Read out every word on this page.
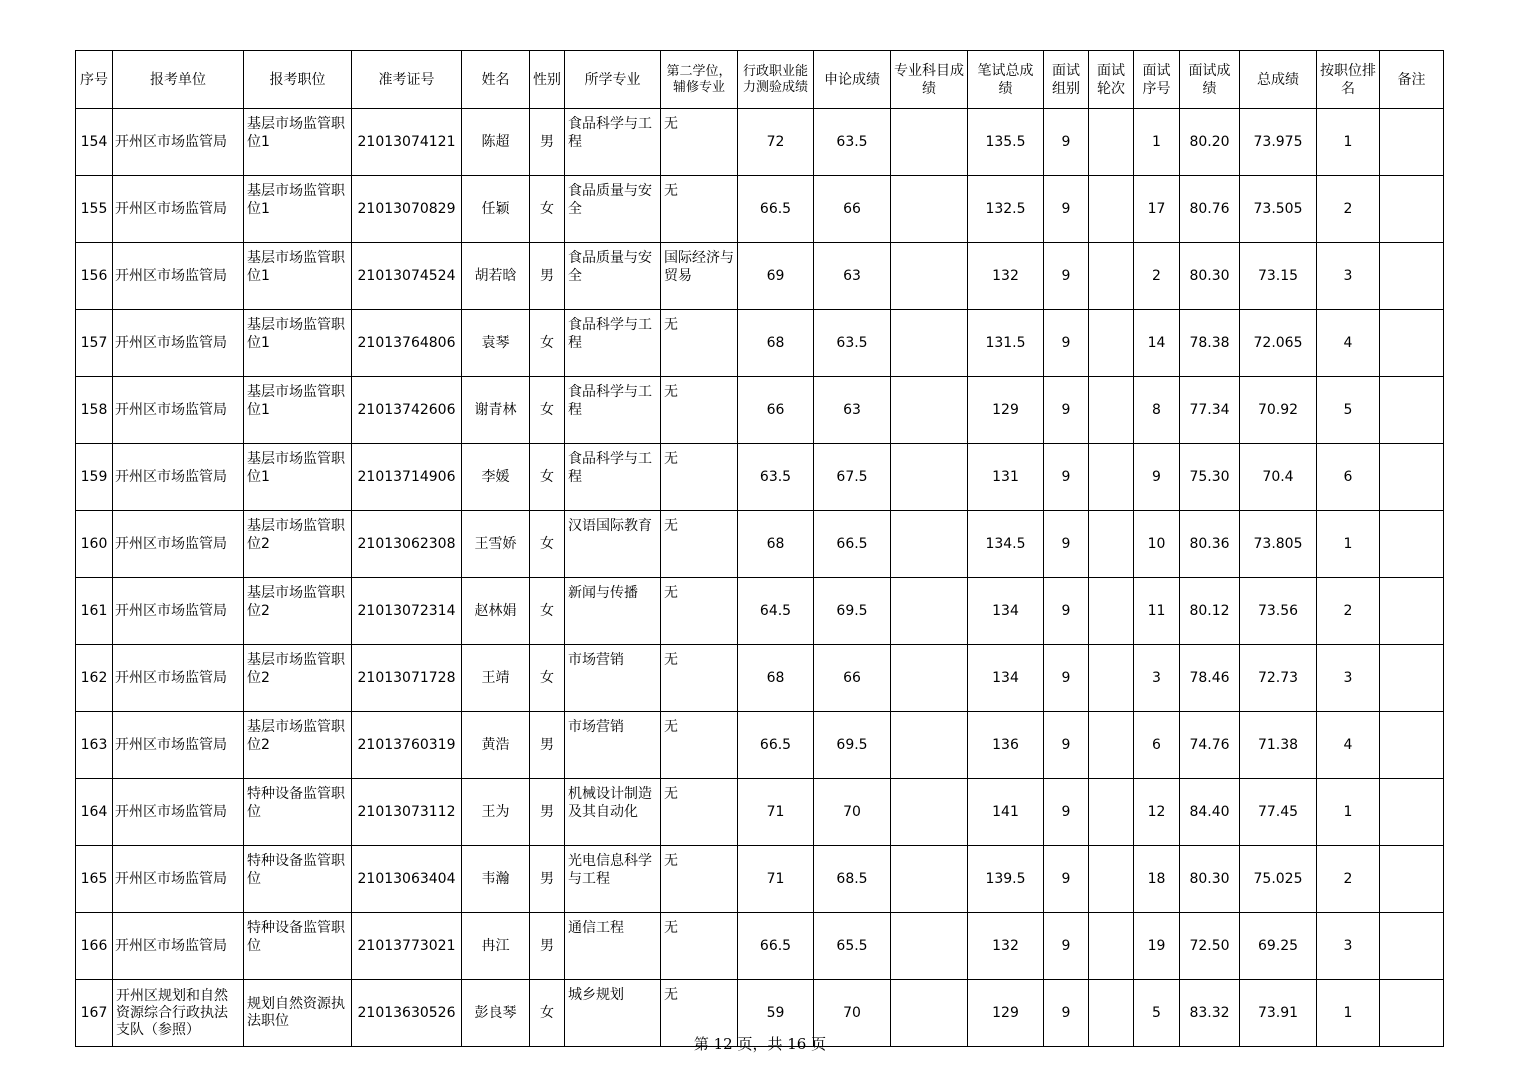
序号	报考单位	报考职位	准考证号	姓名	性别	所学专业	第二学位，辅修专业	行政职业能力测验成绩	申论成绩	专业科目成绩	笔试总成绩	面试组别	面试轮次	面试序号	面试成绩	总成绩	按职位排名	备注
154	开州区市场监管局	基层市场监管职位1	21013074121	陈超	男	食品科学与工程	无	72	63.5		135.5	9		1	80.20	73.975	1	
155	开州区市场监管局	基层市场监管职位1	21013070829	任颖	女	食品质量与安全	无	66.5	66		132.5	9		17	80.76	73.505	2	
156	开州区市场监管局	基层市场监管职位1	21013074524	胡若晗	男	食品质量与安全	国际经济与贸易	69	63		132	9		2	80.30	73.15	3	
157	开州区市场监管局	基层市场监管职位1	21013764806	袁琴	女	食品科学与工程	无	68	63.5		131.5	9		14	78.38	72.065	4	
158	开州区市场监管局	基层市场监管职位1	21013742606	谢青林	女	食品科学与工程	无	66	63		129	9		8	77.34	70.92	5	
159	开州区市场监管局	基层市场监管职位1	21013714906	李媛	女	食品科学与工程	无	63.5	67.5		131	9		9	75.30	70.4	6	
160	开州区市场监管局	基层市场监管职位2	21013062308	王雪娇	女	汉语国际教育	无	68	66.5		134.5	9		10	80.36	73.805	1	
161	开州区市场监管局	基层市场监管职位2	21013072314	赵林娟	女	新闻与传播	无	64.5	69.5		134	9		11	80.12	73.56	2	
162	开州区市场监管局	基层市场监管职位2	21013071728	王靖	女	市场营销	无	68	66		134	9		3	78.46	72.73	3	
163	开州区市场监管局	基层市场监管职位2	21013760319	黄浩	男	市场营销	无	66.5	69.5		136	9		6	74.76	71.38	4	
164	开州区市场监管局	特种设备监管职位	21013073112	王为	男	机械设计制造及其自动化	无	71	70		141	9		12	84.40	77.45	1	
165	开州区市场监管局	特种设备监管职位	21013063404	韦瀚	男	光电信息科学与工程	无	71	68.5		139.5	9		18	80.30	75.025	2	
166	开州区市场监管局	特种设备监管职位	21013773021	冉江	男	通信工程	无	66.5	65.5		132	9		19	72.50	69.25	3	
167	开州区规划和自然资源综合行政执法支队（参照）	规划自然资源执法职位	21013630526	彭良琴	女	城乡规划	无	59	70		129	9		5	83.32	73.91	1	
第 12 页，共 16 页
